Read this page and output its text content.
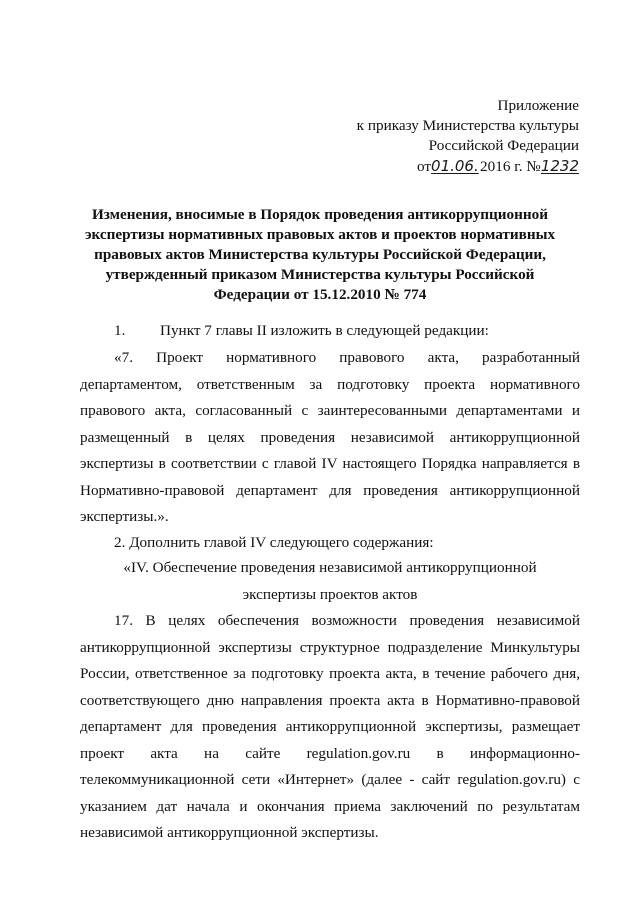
Приложение
к приказу Министерства культуры
Российской Федерации
от01.06. 2016 г. №1232
Изменения, вносимые в Порядок проведения антикоррупционной
экспертизы нормативных правовых актов и проектов нормативных
правовых актов Министерства культуры Российской Федерации,
утвержденный приказом Министерства культуры Российской
Федерации от 15.12.2010 № 774
1. Пункт 7 главы II изложить в следующей редакции:
«7. Проект нормативного правового акта, разработанный
департаментом, ответственным за подготовку проекта нормативного
правового акта, согласованный с заинтересованными департаментами и
размещенный в целях проведения независимой антикоррупционной
экспертизы в соответствии с главой IV настоящего Порядка направляется в
Нормативно-правовой департамент для проведения антикоррупционной
экспертизы.».
2. Дополнить главой IV следующего содержания:
«IV. Обеспечение проведения независимой антикоррупционной
экспертизы проектов актов
17. В целях обеспечения возможности проведения независимой
антикоррупционной экспертизы структурное подразделение Минкультуры
России, ответственное за подготовку проекта акта, в течение рабочего дня,
соответствующего дню направления проекта акта в Нормативно-правовой
департамент для проведения антикоррупционной экспертизы, размещает
проект акта на сайте regulation.gov.ru в информационно-
телекоммуникационной сети «Интернет» (далее - сайт regulation.gov.ru) с
указанием дат начала и окончания приема заключений по результатам
независимой антикоррупционной экспертизы.
